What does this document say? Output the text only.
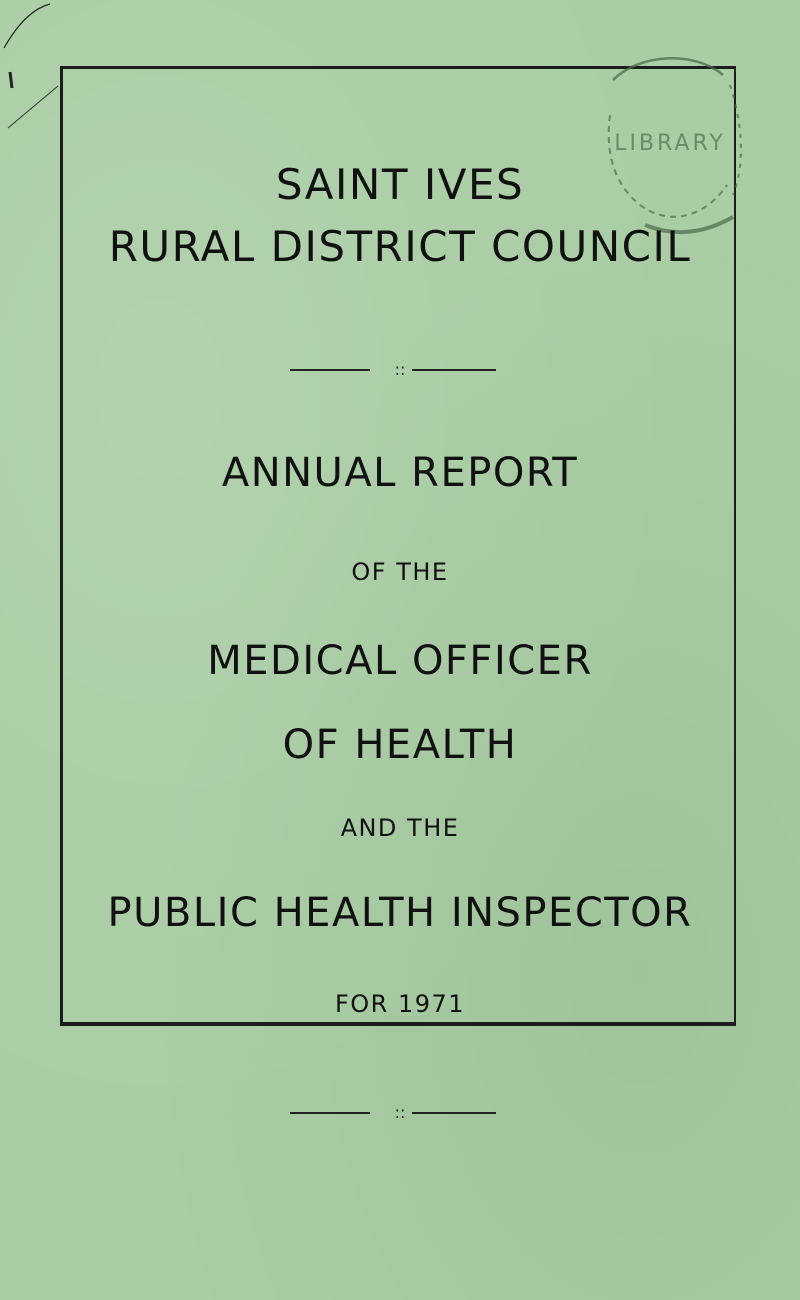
LIBRARY
SAINT IVES
RURAL DISTRICT COUNCIL
::
ANNUAL REPORT
OF THE
MEDICAL OFFICER
OF HEALTH
AND THE
PUBLIC HEALTH INSPECTOR
FOR 1971
::
